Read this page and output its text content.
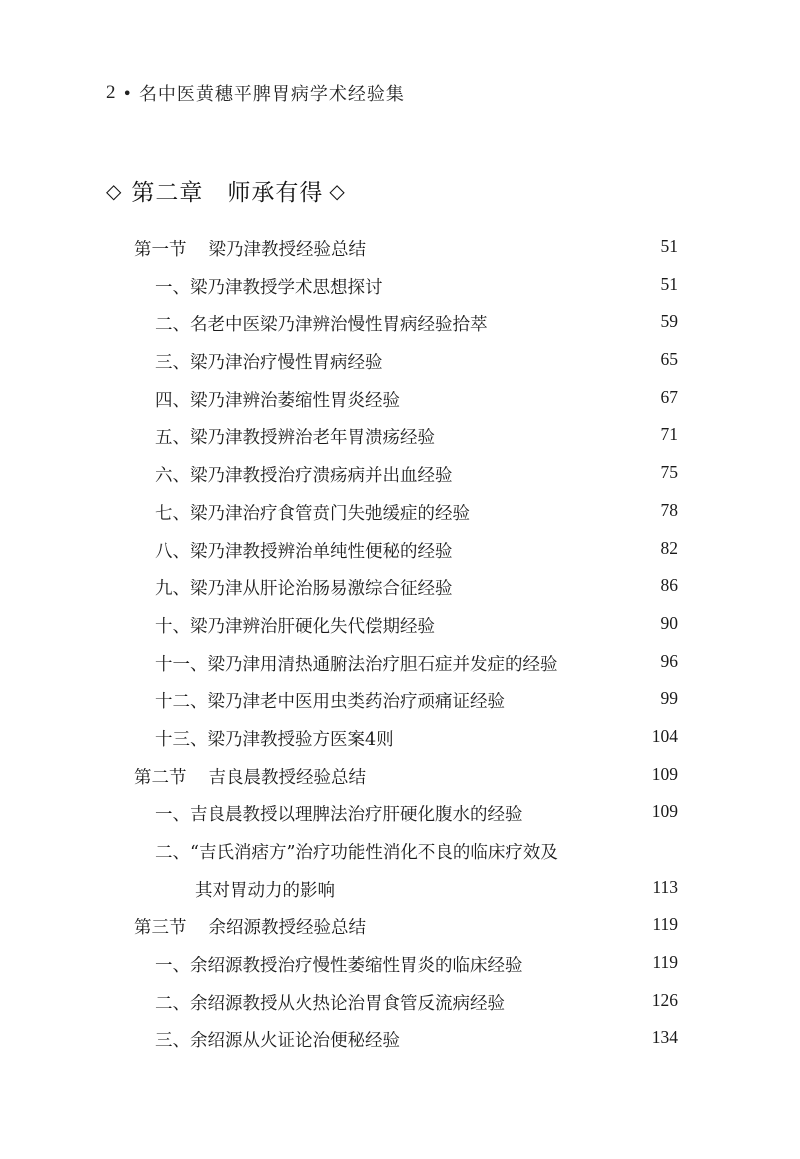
2 • 名中医黄穗平脾胃病学术经验集
◇ 第二章　师承有得 ◇
第一节 梁乃津教授经验总结	51
一、梁乃津教授学术思想探讨	51
二、名老中医梁乃津辨治慢性胃病经验拾萃	59
三、梁乃津治疗慢性胃病经验	65
四、梁乃津辨治萎缩性胃炎经验	67
五、梁乃津教授辨治老年胃溃疡经验	71
六、梁乃津教授治疗溃疡病并出血经验	75
七、梁乃津治疗食管贲门失弛缓症的经验	78
八、梁乃津教授辨治单纯性便秘的经验	82
九、梁乃津从肝论治肠易激综合征经验	86
十、梁乃津辨治肝硬化失代偿期经验	90
十一、梁乃津用清热通腑法治疗胆石症并发症的经验	96
十二、梁乃津老中医用虫类药治疗顽痛证经验	99
十三、梁乃津教授验方医案4则	104
第二节 吉良晨教授经验总结	109
一、吉良晨教授以理脾法治疗肝硬化腹水的经验	109
二、“吉氏消痞方”治疗功能性消化不良的临床疗效及
其对胃动力的影响	113
第三节 余绍源教授经验总结	119
一、余绍源教授治疗慢性萎缩性胃炎的临床经验	119
二、余绍源教授从火热论治胃食管反流病经验	126
三、余绍源从火证论治便秘经验	134
